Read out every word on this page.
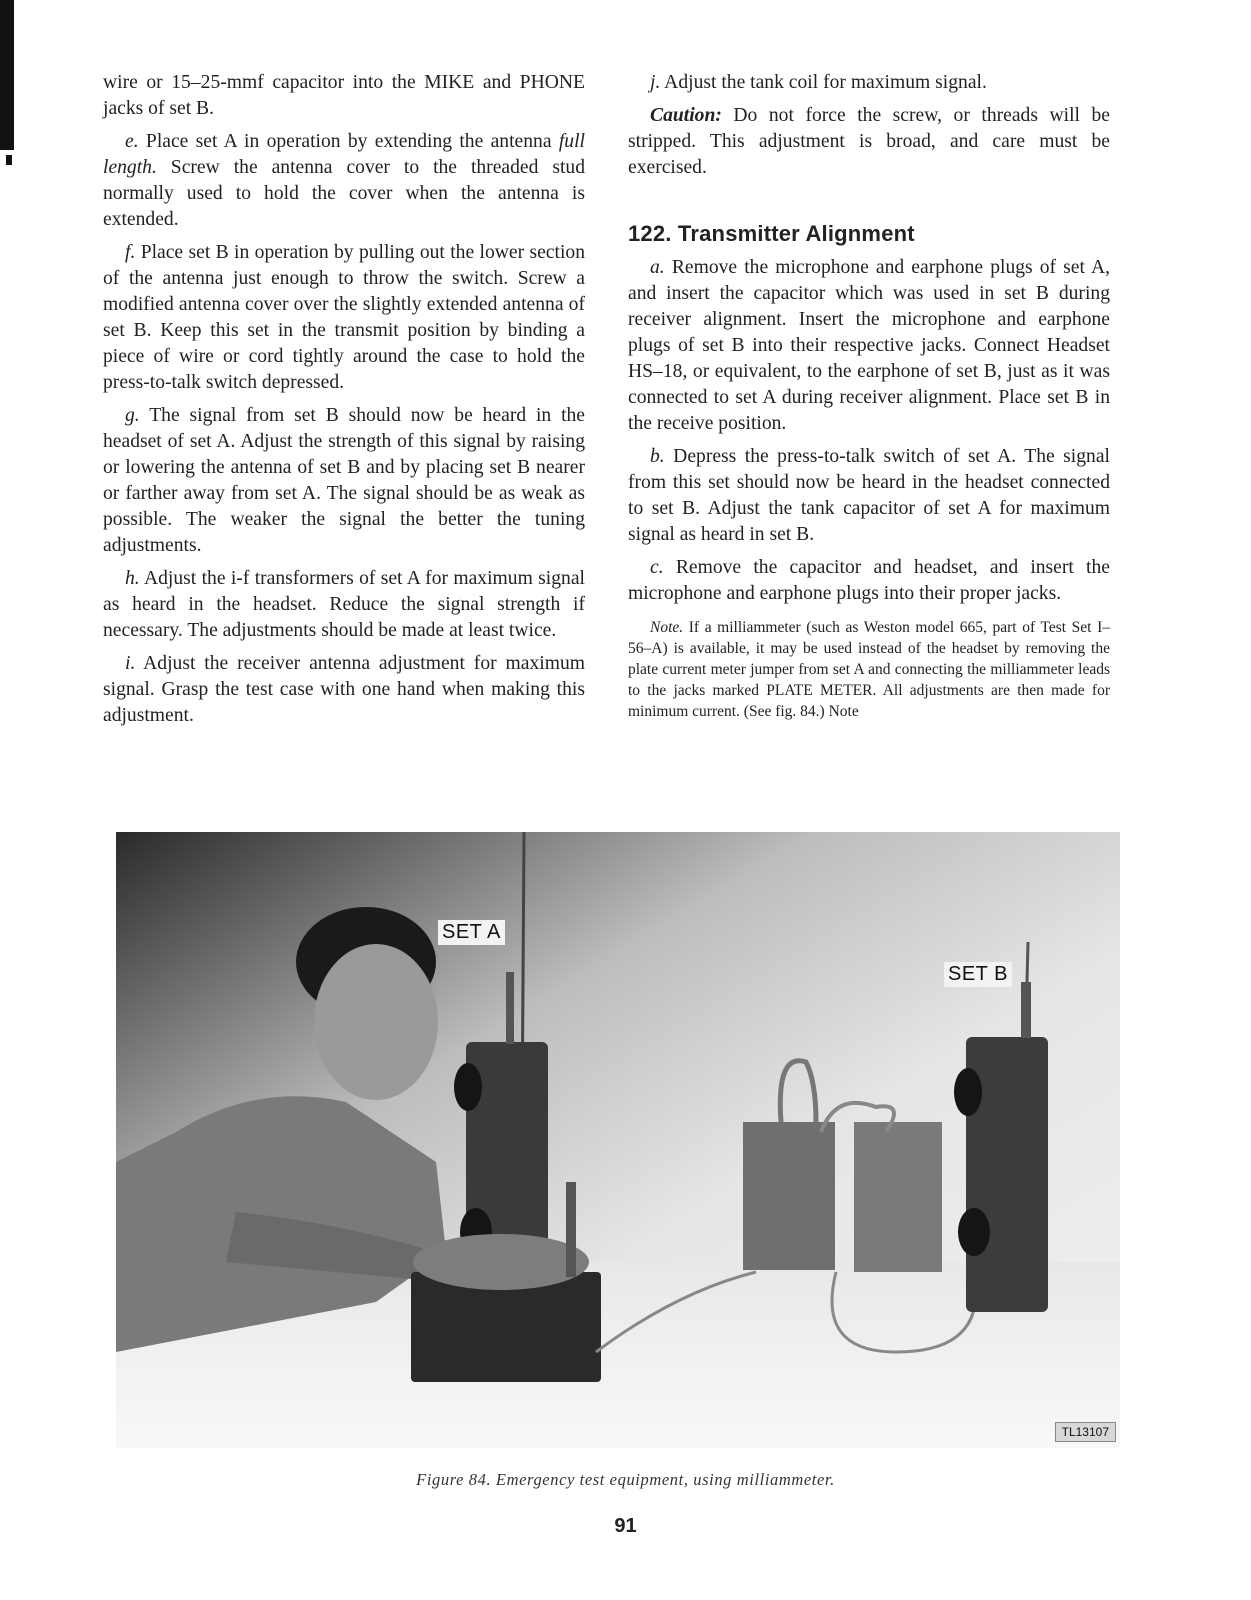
wire or 15–25-mmf capacitor into the MIKE and PHONE jacks of set B.

e. Place set A in operation by extending the antenna full length. Screw the antenna cover to the threaded stud normally used to hold the cover when the antenna is extended.

f. Place set B in operation by pulling out the lower section of the antenna just enough to throw the switch. Screw a modified antenna cover over the slightly extended antenna of set B. Keep this set in the transmit position by binding a piece of wire or cord tightly around the case to hold the press-to-talk switch depressed.

g. The signal from set B should now be heard in the headset of set A. Adjust the strength of this signal by raising or lowering the antenna of set B and by placing set B nearer or farther away from set A. The signal should be as weak as possible. The weaker the signal the better the tuning adjustments.

h. Adjust the i-f transformers of set A for maximum signal as heard in the headset. Reduce the signal strength if necessary. The adjustments should be made at least twice.

i. Adjust the receiver antenna adjustment for maximum signal. Grasp the test case with one hand when making this adjustment.

j. Adjust the tank coil for maximum signal.

Caution: Do not force the screw, or threads will be stripped. This adjustment is broad, and care must be exercised.

122. Transmitter Alignment

a. Remove the microphone and earphone plugs of set A, and insert the capacitor which was used in set B during receiver alignment. Insert the microphone and earphone plugs of set B into their respective jacks. Connect Headset HS–18, or equivalent, to the earphone of set B, just as it was connected to set A during receiver alignment. Place set B in the receive position.

b. Depress the press-to-talk switch of set A. The signal from this set should now be heard in the headset connected to set B. Adjust the tank capacitor of set A for maximum signal as heard in set B.

c. Remove the capacitor and headset, and insert the microphone and earphone plugs into their proper jacks.

Note. If a milliammeter (such as Weston model 665, part of Test Set I–56–A) is available, it may be used instead of the headset by removing the plate current meter jumper from set A and connecting the milliammeter leads to the jacks marked PLATE METER. All adjustments are then made for minimum current. (See fig. 84.) Note

SET A
SET B
TL13107
Figure 84. Emergency test equipment, using milliammeter.
91
